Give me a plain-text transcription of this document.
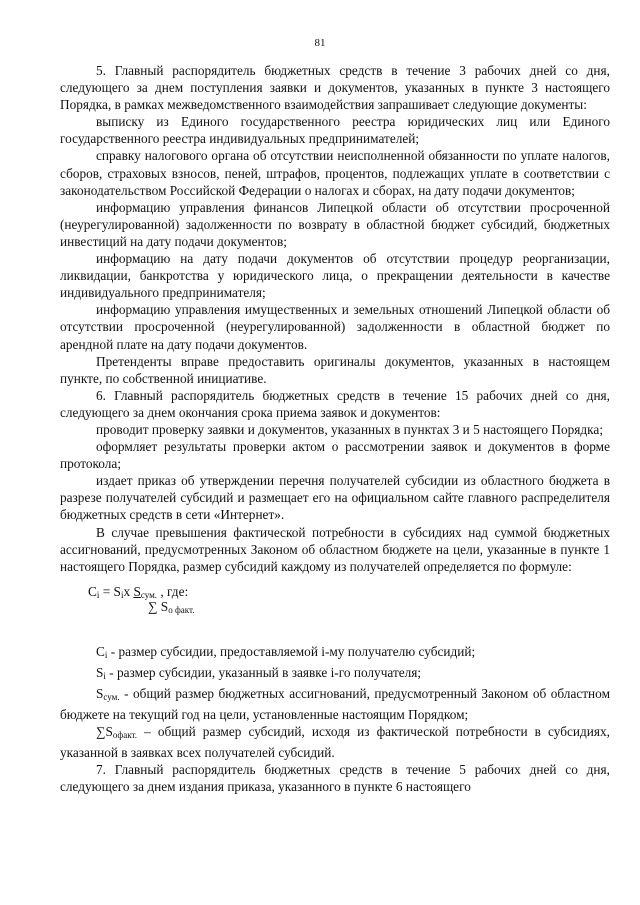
81

5. Главный распорядитель бюджетных средств в течение 3 рабочих дней со дня, следующего за днем поступления заявки и документов, указанных в пункте 3 настоящего Порядка, в рамках межведомственного взаимодействия запрашивает следующие документы:

выписку из Единого государственного реестра юридических лиц или Единого государственного реестра индивидуальных предпринимателей;

справку налогового органа об отсутствии неисполненной обязанности по уплате налогов, сборов, страховых взносов, пеней, штрафов, процентов, подлежащих уплате в соответствии с законодательством Российской Федерации о налогах и сборах, на дату подачи документов;

информацию управления финансов Липецкой области об отсутствии просроченной (неурегулированной) задолженности по возврату в областной бюджет субсидий, бюджетных инвестиций на дату подачи документов;

информацию на дату подачи документов об отсутствии процедур реорганизации, ликвидации, банкротства у юридического лица, о прекращении деятельности в качестве индивидуального предпринимателя;

информацию управления имущественных и земельных отношений Липецкой области об отсутствии просроченной (неурегулированной) задолженности в областной бюджет по арендной плате на дату подачи документов.

Претенденты вправе предоставить оригиналы документов, указанных в настоящем пункте, по собственной инициативе.

6. Главный распорядитель бюджетных средств в течение 15 рабочих дней со дня, следующего за днем окончания срока приема заявок и документов:

проводит проверку заявки и документов, указанных в пунктах 3 и 5 настоящего Порядка;

оформляет результаты проверки актом о рассмотрении заявок и документов в форме протокола;

издает приказ об утверждении перечня получателей субсидии из областного бюджета в разрезе получателей субсидий и размещает его на официальном сайте главного распределителя бюджетных средств в сети «Интернет».

В случае превышения фактической потребности в субсидиях над суммой бюджетных ассигнований, предусмотренных Законом об областном бюджете на цели, указанные в пункте 1 настоящего Порядка, размер субсидий каждому из получателей определяется по формуле:

$C_i = S_ix$ $S_{сум.}$ , где:
∑ $S_{о факт.}$

$C_i$ - размер субсидии, предоставляемой i-му получателю субсидий;

$S_i$ - размер субсидии, указанный в заявке i-го получателя;

$S_{сум.}$ - общий размер бюджетных ассигнований, предусмотренный Законом об областном бюджете на текущий год на цели, установленные настоящим Порядком;

$\sum S_{офакт.}$ – общий размер субсидий, исходя из фактической потребности в субсидиях, указанной в заявках всех получателей субсидий.

7. Главный распорядитель бюджетных средств в течение 5 рабочих дней со дня, следующего за днем издания приказа, указанного в пункте 6 настоящего
